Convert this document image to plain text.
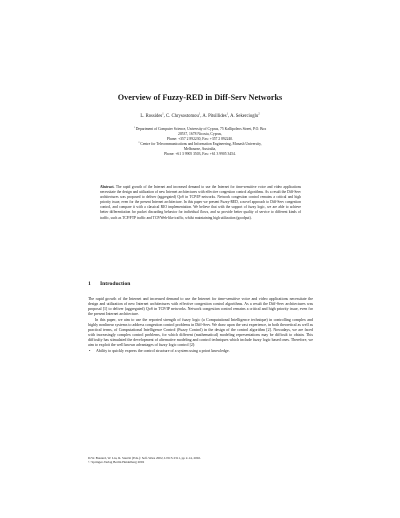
Overview of Fuzzy-RED in Diff-Serv Networks
L. Rossides$^1$, C. Chrysostomou$^1$, A. Pitsillides$^1$, A. Sekercioglu$^2$
$^1$ Department of Computer Science, University of Cyprus, 75 Kallipoleos Street, P.O. Box
20537, 1678 Nicosia, Cyprus,
Phone: +357 2 892230, Fax: +357 2 892240.
$^2$ Centre for Telecommunications and Information Engineering, Monash University,
Melbourne, Australia,
Phone: +61 3 9905 3503, Fax: +61 3 9905 3454.
Abstract. The rapid growth of the Internet and increased demand to use the Internet for time-sensitive voice and video applications necessitate the design and utilization of new Internet architectures with effective congestion control algorithms. As a result the Diff-Serv architectures was proposed to deliver (aggregated) QoS in TCP/IP networks. Network congestion control remains a critical and high priority issue, even for the present Internet architecture. In this paper we present Fuzzy-RED, a novel approach to Diff-Serv congestion control, and compare it with a classical RIO implementation. We believe that with the support of fuzzy logic, we are able to achieve better differentiation for packet discarding behavior for individual flows, and so provide better quality of service to different kinds of traffic, such as TCP/FTP traffic and TCP/Web-like traffic, whilst maintaining high utilization (goodput).
1 Introduction

The rapid growth of the Internet and increased demand to use the Internet for time-sensitive voice and video applications necessitate the design and utilization of new Internet architectures with effective congestion control algorithms. As a result the Diff-Serv architectures was proposal [1] to deliver (aggregated) QoS in TCP/IP networks. Network congestion control remains a critical and high priority issue, even for the present Internet architecture.

In this paper, we aim to use the reported strength of fuzzy logic (a Computational Intelligence technique) in controlling complex and highly nonlinear systems to address congestion control problems in Diff-Serv. We draw upon the vast experience, in both theoretical as well as practical terms, of Computational Intelligence Control (Fuzzy Control) in the design of the control algorithm [2]. Nowadays, we are faced with increasingly complex control problems, for which different (mathematical) modeling representations may be difficult to obtain. This difficulty has stimulated the development of alternative modeling and control techniques which include fuzzy logic based ones. Therefore, we aim to exploit the well known advantages of fuzzy logic control [2]:

• Ability to quickly express the control structure of a system using a priori knowledge.
D.W. Bustard, W. Liu, R. Sterritt (Eds.): Soft-Ware 2002, LNCS 2311, pp 2-14, 2002.
© Springer-Verlag Berlin Heidelberg 2002
